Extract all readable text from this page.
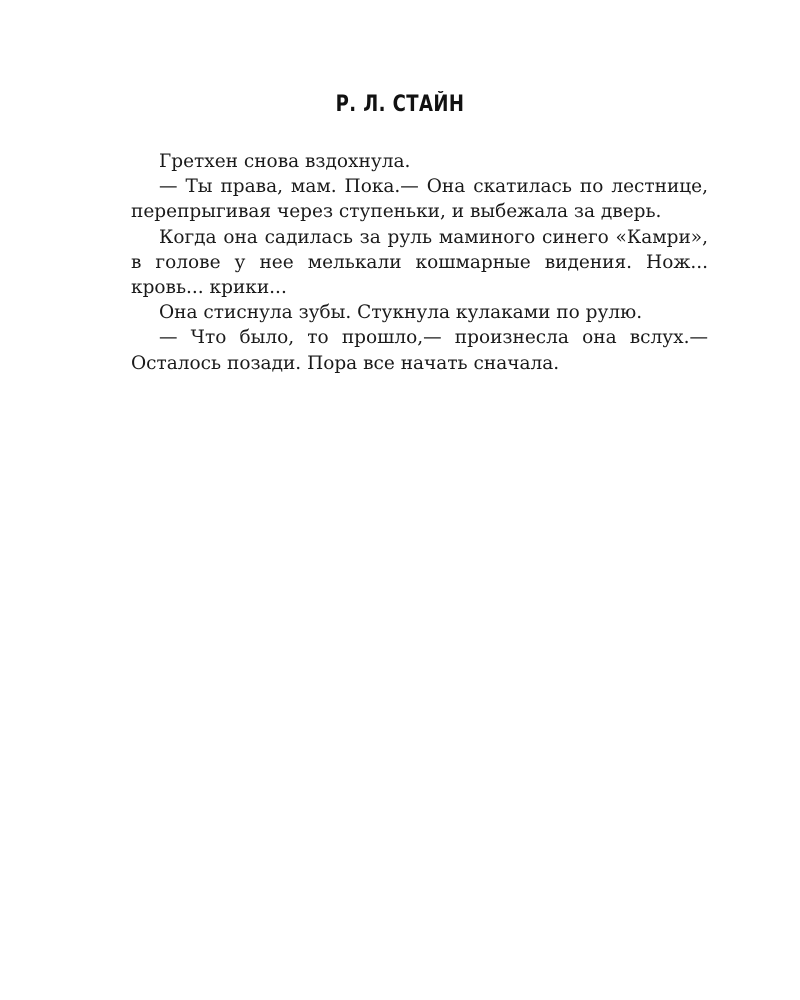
Р. Л. СТАЙН

Гретхен снова вздохнула.

— Ты права, мам. Пока.— Она скатилась по лестнице, перепрыгивая через ступеньки, и выбежала за дверь.

Когда она садилась за руль маминого синего «Камри», в голове у нее мелькали кошмарные видения. Нож... кровь... крики...

Она стиснула зубы. Стукнула кулаками по рулю.

— Что было, то прошло,— произнесла она вслух.— Осталось позади. Пора все начать сначала.
